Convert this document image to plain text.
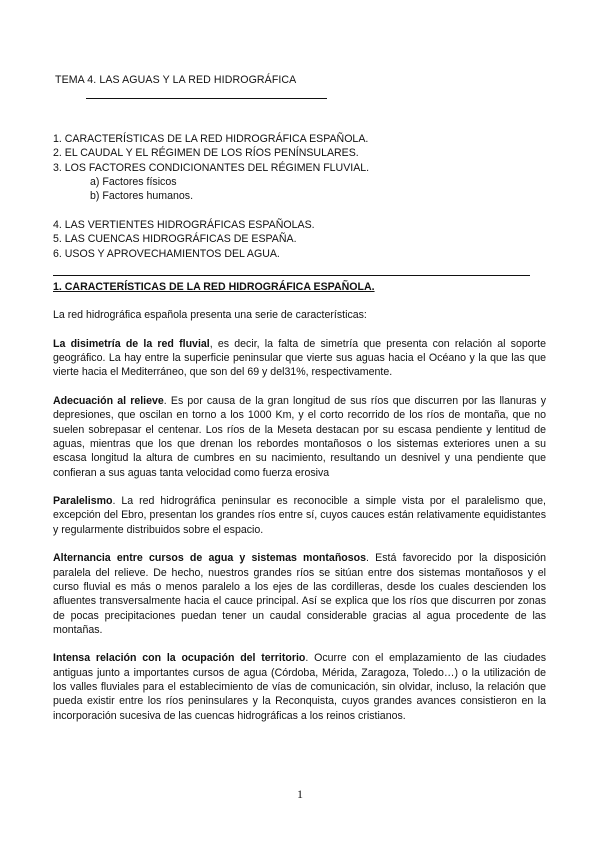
TEMA 4. LAS AGUAS Y LA RED HIDROGRÁFICA
1. CARACTERÍSTICAS DE LA RED HIDROGRÁFICA ESPAÑOLA.
2. EL CAUDAL Y EL RÉGIMEN DE LOS RÍOS PENÍNSULARES.
3. LOS FACTORES CONDICIONANTES DEL RÉGIMEN FLUVIAL.
a) Factores físicos
b) Factores humanos.
4. LAS VERTIENTES HIDROGRÁFICAS ESPAÑOLAS.
5. LAS CUENCAS HIDROGRÁFICAS DE ESPAÑA.
6. USOS Y APROVECHAMIENTOS DEL AGUA.
1. CARACTERÍSTICAS DE LA RED HIDROGRÁFICA ESPAÑOLA.

La red hidrográfica española presenta una serie de características:

La disimetría de la red fluvial, es decir, la falta de simetría que presenta con relación al soporte geográfico. La hay entre la superficie peninsular que vierte sus aguas hacia el Océano y la que las que vierte hacia el Mediterráneo, que son del 69 y del31%, respectivamente.

Adecuación al relieve. Es por causa de la gran longitud de sus ríos que discurren por las llanuras y depresiones, que oscilan en torno a los 1000 Km, y el corto recorrido de los ríos de montaña, que no suelen sobrepasar el centenar. Los ríos de la Meseta destacan por su escasa pendiente y lentitud de aguas, mientras que los que drenan los rebordes montañosos o los sistemas exteriores unen a su escasa longitud la altura de cumbres en su nacimiento, resultando un desnivel y una pendiente que confieran a sus aguas tanta velocidad como fuerza erosiva

Paralelismo. La red hidrográfica peninsular es reconocible a simple vista por el paralelismo que, excepción del Ebro, presentan los grandes ríos entre sí, cuyos cauces están relativamente equidistantes y regularmente distribuidos sobre el espacio.

Alternancia entre cursos de agua y sistemas montañosos. Está favorecido por la disposición paralela del relieve. De hecho, nuestros grandes ríos se sitúan entre dos sistemas montañosos y el curso fluvial es más o menos paralelo a los ejes de las cordilleras, desde los cuales descienden los afluentes transversalmente hacia el cauce principal. Así se explica que los ríos que discurren por zonas de pocas precipitaciones puedan tener un caudal considerable gracias al agua procedente de las montañas.

Intensa relación con la ocupación del territorio. Ocurre con el emplazamiento de las ciudades antiguas junto a importantes cursos de agua (Córdoba, Mérida, Zaragoza, Toledo…) o la utilización de los valles fluviales para el establecimiento de vías de comunicación, sin olvidar, incluso, la relación que pueda existir entre los ríos peninsulares y la Reconquista, cuyos grandes avances consistieron en la incorporación sucesiva de las cuencas hidrográficas a los reinos cristianos.

1
